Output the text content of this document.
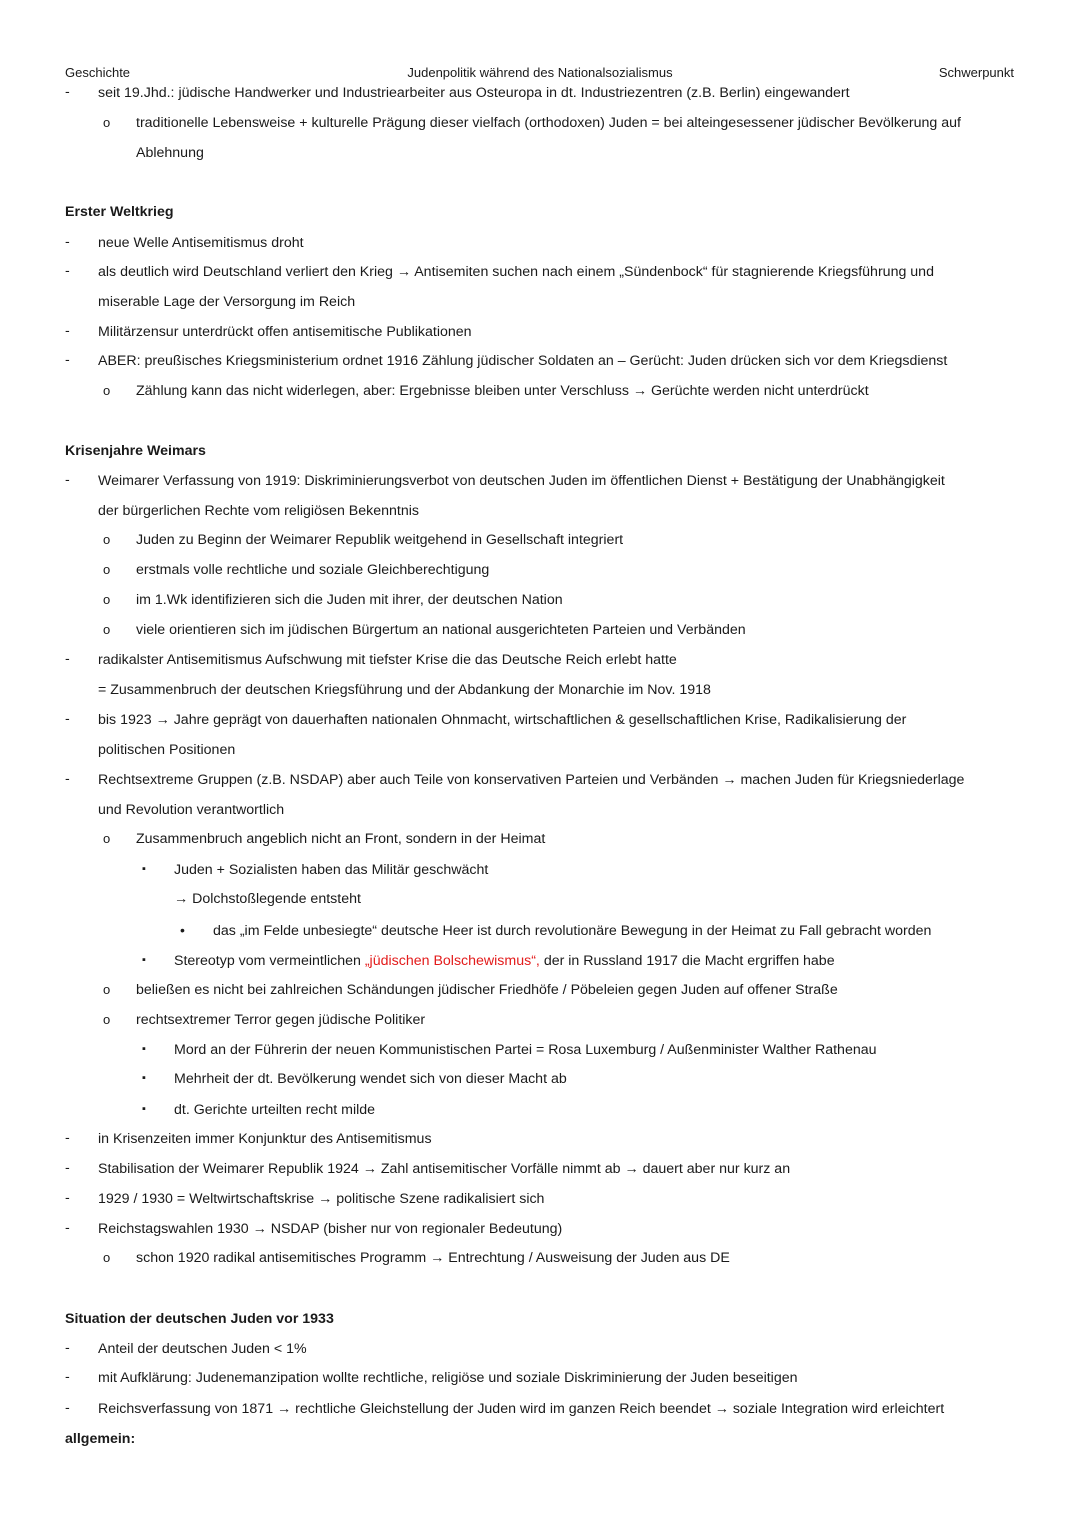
Geschichte	Judenpolitik während des Nationalsozialismus	Schwerpunkt
- seit 19.Jhd.: jüdische Handwerker und Industriearbeiter aus Osteuropa in dt. Industriezentren (z.B. Berlin) eingewandert
o traditionelle Lebensweise + kulturelle Prägung dieser vielfach (orthodoxen) Juden = bei alteingesessener jüdischer Bevölkerung auf
Ablehnung
Erster Weltkrieg
- neue Welle Antisemitismus droht
- als deutlich wird Deutschland verliert den Krieg → Antisemiten suchen nach einem „Sündenbock“ für stagnierende Kriegsführung und
miserable Lage der Versorgung im Reich
- Militärzensur unterdrückt offen antisemitische Publikationen
- ABER: preußisches Kriegsministerium ordnet 1916 Zählung jüdischer Soldaten an – Gerücht: Juden drücken sich vor dem Kriegsdienst
o Zählung kann das nicht widerlegen, aber: Ergebnisse bleiben unter Verschluss → Gerüchte werden nicht unterdrückt
Krisenjahre Weimars
- Weimarer Verfassung von 1919: Diskriminierungsverbot von deutschen Juden im öffentlichen Dienst + Bestätigung der Unabhängigkeit
der bürgerlichen Rechte vom religiösen Bekenntnis
o Juden zu Beginn der Weimarer Republik weitgehend in Gesellschaft integriert
o erstmals volle rechtliche und soziale Gleichberechtigung
o im 1.Wk identifizieren sich die Juden mit ihrer, der deutschen Nation
o viele orientieren sich im jüdischen Bürgertum an national ausgerichteten Parteien und Verbänden
- radikalster Antisemitismus Aufschwung mit tiefster Krise die das Deutsche Reich erlebt hatte
= Zusammenbruch der deutschen Kriegsführung und der Abdankung der Monarchie im Nov. 1918
- bis 1923 → Jahre geprägt von dauerhaften nationalen Ohnmacht, wirtschaftlichen & gesellschaftlichen Krise, Radikalisierung der
politischen Positionen
- Rechtsextreme Gruppen (z.B. NSDAP) aber auch Teile von konservativen Parteien und Verbänden → machen Juden für Kriegsniederlage
und Revolution verantwortlich
o Zusammenbruch angeblich nicht an Front, sondern in der Heimat
▪ Juden + Sozialisten haben das Militär geschwächt
→ Dolchstoßlegende entsteht
• das „im Felde unbesiegte“ deutsche Heer ist durch revolutionäre Bewegung in der Heimat zu Fall gebracht worden
▪ Stereotyp vom vermeintlichen „jüdischen Bolschewismus“, der in Russland 1917 die Macht ergriffen habe
o beließen es nicht bei zahlreichen Schändungen jüdischer Friedhöfe / Pöbeleien gegen Juden auf offener Straße
o rechtsextremer Terror gegen jüdische Politiker
▪ Mord an der Führerin der neuen Kommunistischen Partei = Rosa Luxemburg / Außenminister Walther Rathenau
▪ Mehrheit der dt. Bevölkerung wendet sich von dieser Macht ab
▪ dt. Gerichte urteilten recht milde
- in Krisenzeiten immer Konjunktur des Antisemitismus
- Stabilisation der Weimarer Republik 1924 → Zahl antisemitischer Vorfälle nimmt ab → dauert aber nur kurz an
- 1929 / 1930 = Weltwirtschaftskrise → politische Szene radikalisiert sich
- Reichstagswahlen 1930 → NSDAP (bisher nur von regionaler Bedeutung)
o schon 1920 radikal antisemitisches Programm → Entrechtung / Ausweisung der Juden aus DE
Situation der deutschen Juden vor 1933
- Anteil der deutschen Juden < 1%
- mit Aufklärung: Judenemanzipation wollte rechtliche, religiöse und soziale Diskriminierung der Juden beseitigen
- Reichsverfassung von 1871 → rechtliche Gleichstellung der Juden wird im ganzen Reich beendet → soziale Integration wird erleichtert
allgemein:
